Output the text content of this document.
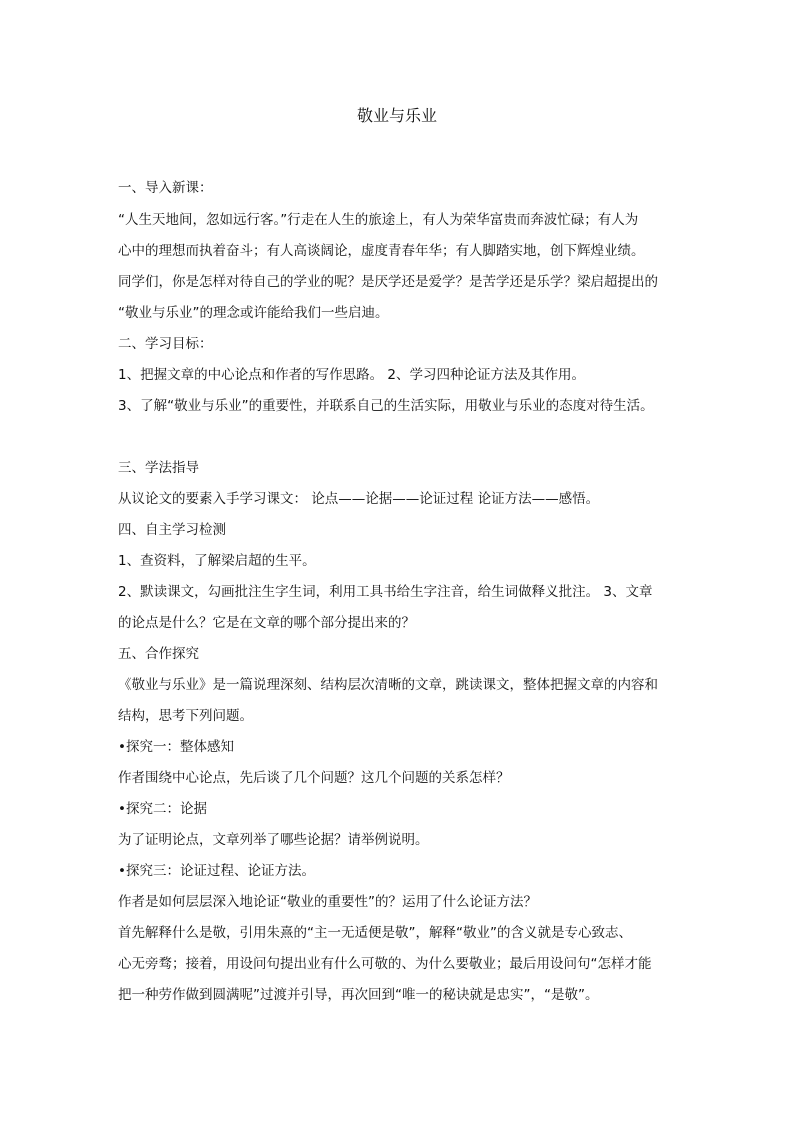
敬业与乐业
一、导入新课：
“人生天地间，忽如远行客。”行走在人生的旅途上，有人为荣华富贵而奔波忙碌；有人为
心中的理想而执着奋斗；有人高谈阔论，虚度青春年华；有人脚踏实地，创下辉煌业绩。
同学们，你是怎样对待自己的学业的呢？是厌学还是爱学？是苦学还是乐学？梁启超提出的
“敬业与乐业”的理念或许能给我们一些启迪。
二、学习目标：
1、把握文章的中心论点和作者的写作思路。 2、学习四种论证方法及其作用。
3、了解“敬业与乐业”的重要性，并联系自己的生活实际，用敬业与乐业的态度对待生活。
三、学法指导
从议论文的要素入手学习课文： 论点——论据——论证过程 论证方法——感悟。
四、自主学习检测
1、查资料，了解梁启超的生平。
2、默读课文，勾画批注生字生词，利用工具书给生字注音，给生词做释义批注。 3、文章
的论点是什么？它是在文章的哪个部分提出来的？
五、合作探究
《敬业与乐业》是一篇说理深刻、结构层次清晰的文章，跳读课文，整体把握文章的内容和
结构，思考下列问题。
•探究一：整体感知
作者围绕中心论点，先后谈了几个问题？这几个问题的关系怎样？
•探究二：论据
为了证明论点，文章列举了哪些论据？请举例说明。
•探究三：论证过程、论证方法。
作者是如何层层深入地论证“敬业的重要性”的？运用了什么论证方法？
首先解释什么是敬，引用朱熹的“主一无适便是敬”，解释“敬业”的含义就是专心致志、
心无旁骛；接着，用设问句提出业有什么可敬的、为什么要敬业；最后用设问句“怎样才能
把一种劳作做到圆满呢”过渡并引导，再次回到“唯一的秘诀就是忠实”，“是敬”。
